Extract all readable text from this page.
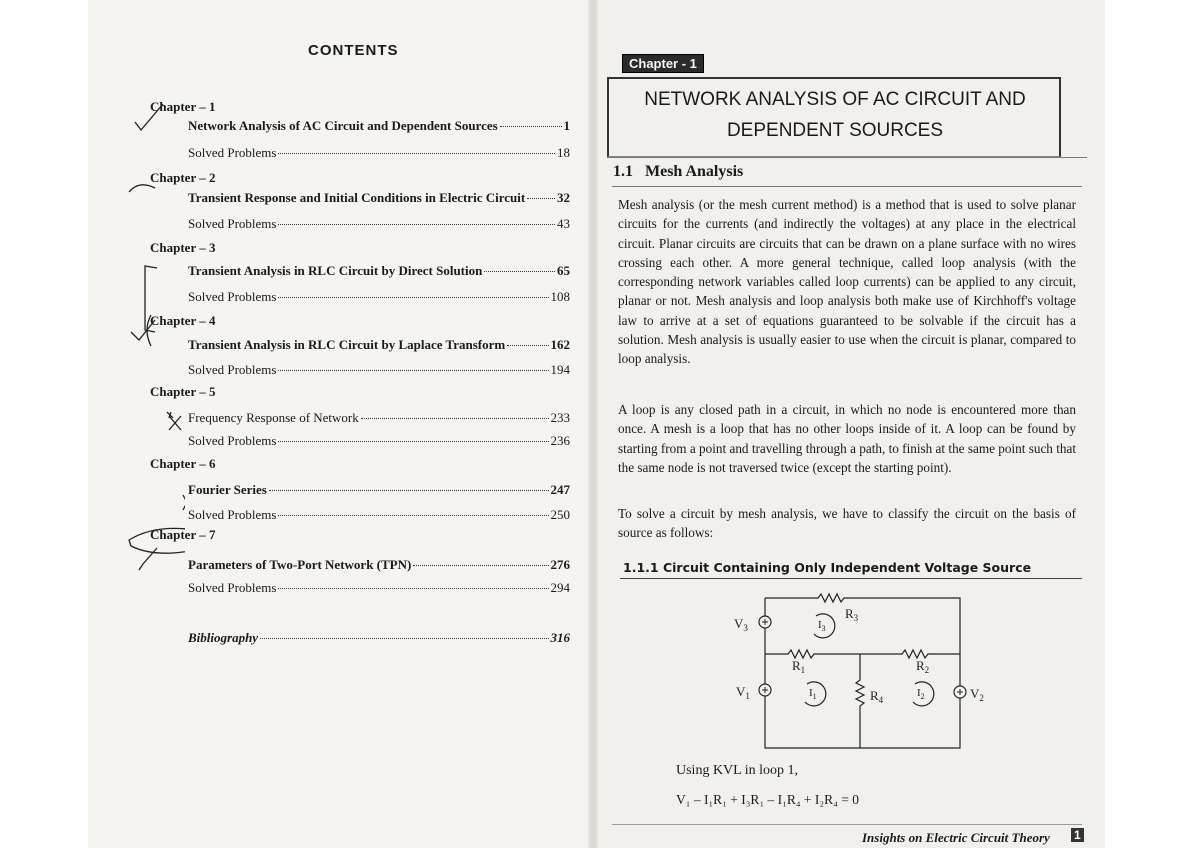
CONTENTS
Chapter – 1
Network Analysis of AC Circuit and Dependent Sources	1
Solved Problems	18
Chapter – 2
Transient Response and Initial Conditions in Electric Circuit 32
Solved Problems	43
Chapter – 3
Transient Analysis in RLC Circuit by Direct Solution	65
Solved Problems	108
Chapter – 4
Transient Analysis in RLC Circuit by Laplace Transform	162
Solved Problems	194
Chapter – 5
Frequency Response of Network	233
Solved Problems	236
Chapter – 6
Fourier Series	247
Solved Problems	250
Chapter – 7
Parameters of Two-Port Network (TPN)	276
Solved Problems	294
Bibliography	316
Chapter - 1
NETWORK ANALYSIS OF AC CIRCUIT AND
DEPENDENT SOURCES
1.1 Mesh Analysis
Mesh analysis (or the mesh current method) is a method that is used to solve planar circuits for the currents (and indirectly the voltages) at any place in the electrical circuit. Planar circuits are circuits that can be drawn on a plane surface with no wires crossing each other. A more general technique, called loop analysis (with the corresponding network variables called loop currents) can be applied to any circuit, planar or not. Mesh analysis and loop analysis both make use of Kirchhoff's voltage law to arrive at a set of equations guaranteed to be solvable if the circuit has a solution. Mesh analysis is usually easier to use when the circuit is planar, compared to loop analysis.
A loop is any closed path in a circuit, in which no node is encountered more than once. A mesh is a loop that has no other loops inside of it. A loop can be found by starting from a point and travelling through a path, to finish at the same point such that the same node is not traversed twice (except the starting point).
To solve a circuit by mesh analysis, we have to classify the circuit on the basis of source as follows:
1.1.1 Circuit Containing Only Independent Voltage Source
$R_3$
$R_1$	$R_2$
$R_4$
$V_3$
$V_1$	$V_2$
$I_3$
$I_1$	$I_2$
Using KVL in loop 1,
V₁ – I₁R₁ + I₃R₁ – I₁R₄ + I₂R₄ = 0
Insights on Electric Circuit Theory 1
